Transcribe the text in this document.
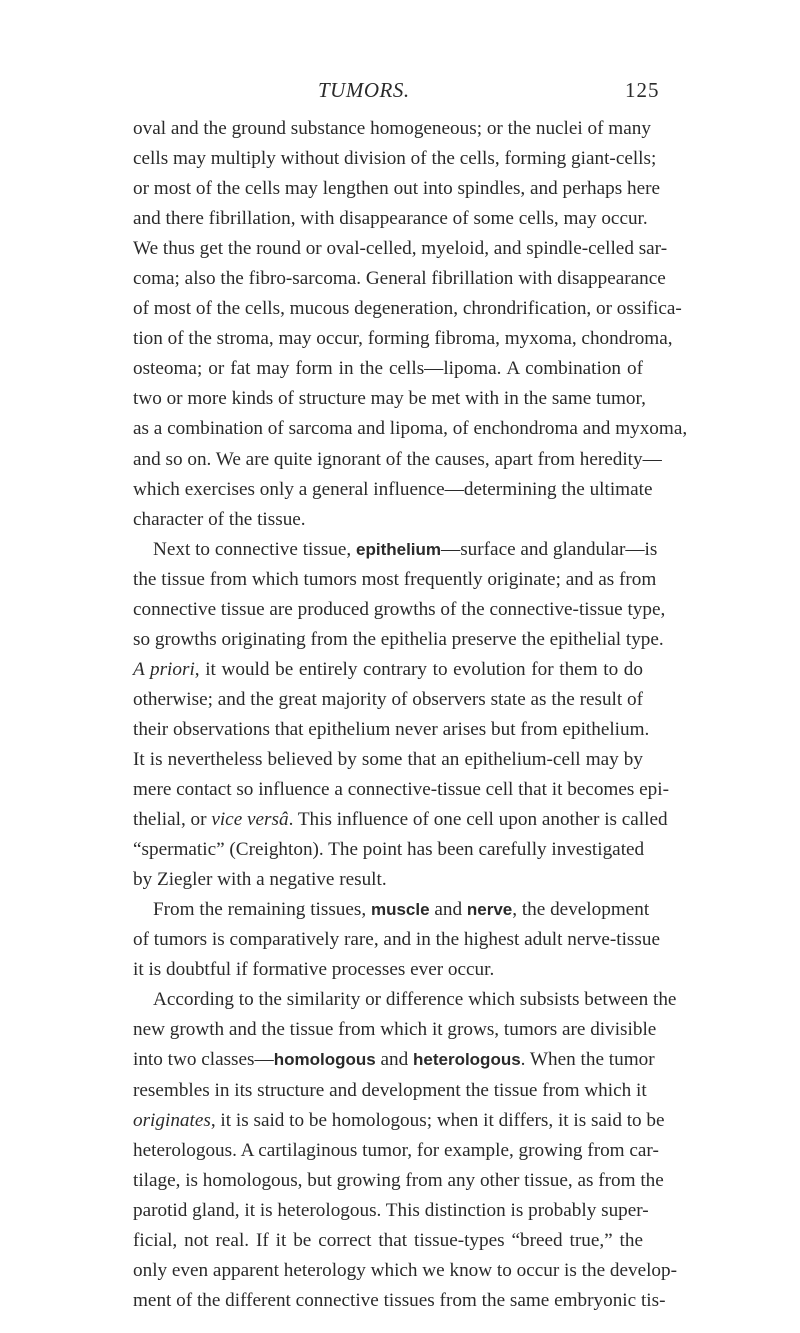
TUMORS.	125
oval and the ground substance homogeneous; or the nuclei of many
cells may multiply without division of the cells, forming giant-cells;
or most of the cells may lengthen out into spindles, and perhaps here
and there fibrillation, with disappearance of some cells, may occur.
We thus get the round or oval-celled, myeloid, and spindle-celled sar-
coma; also the fibro-sarcoma. General fibrillation with disappearance
of most of the cells, mucous degeneration, chrondrification, or ossifica-
tion of the stroma, may occur, forming fibroma, myxoma, chondroma,
osteoma; or fat may form in the cells—lipoma. A combination of
two or more kinds of structure may be met with in the same tumor,
as a combination of sarcoma and lipoma, of enchondroma and myxoma,
and so on. We are quite ignorant of the causes, apart from heredity—
which exercises only a general influence—determining the ultimate
character of the tissue.
Next to connective tissue, epithelium—surface and glandular—is
the tissue from which tumors most frequently originate; and as from
connective tissue are produced growths of the connective-tissue type,
so growths originating from the epithelia preserve the epithelial type.
A priori, it would be entirely contrary to evolution for them to do
otherwise; and the great majority of observers state as the result of
their observations that epithelium never arises but from epithelium.
It is nevertheless believed by some that an epithelium-cell may by
mere contact so influence a connective-tissue cell that it becomes epi-
thelial, or vice versâ. This influence of one cell upon another is called
“spermatic” (Creighton). The point has been carefully investigated
by Ziegler with a negative result.
From the remaining tissues, muscle and nerve, the development
of tumors is comparatively rare, and in the highest adult nerve-tissue
it is doubtful if formative processes ever occur.
According to the similarity or difference which subsists between the
new growth and the tissue from which it grows, tumors are divisible
into two classes—homologous and heterologous. When the tumor
resembles in its structure and development the tissue from which it
originates, it is said to be homologous; when it differs, it is said to be
heterologous. A cartilaginous tumor, for example, growing from car-
tilage, is homologous, but growing from any other tissue, as from the
parotid gland, it is heterologous. This distinction is probably super-
ficial, not real. If it be correct that tissue-types “breed true,” the
only even apparent heterology which we know to occur is the develop-
ment of the different connective tissues from the same embryonic tis-
